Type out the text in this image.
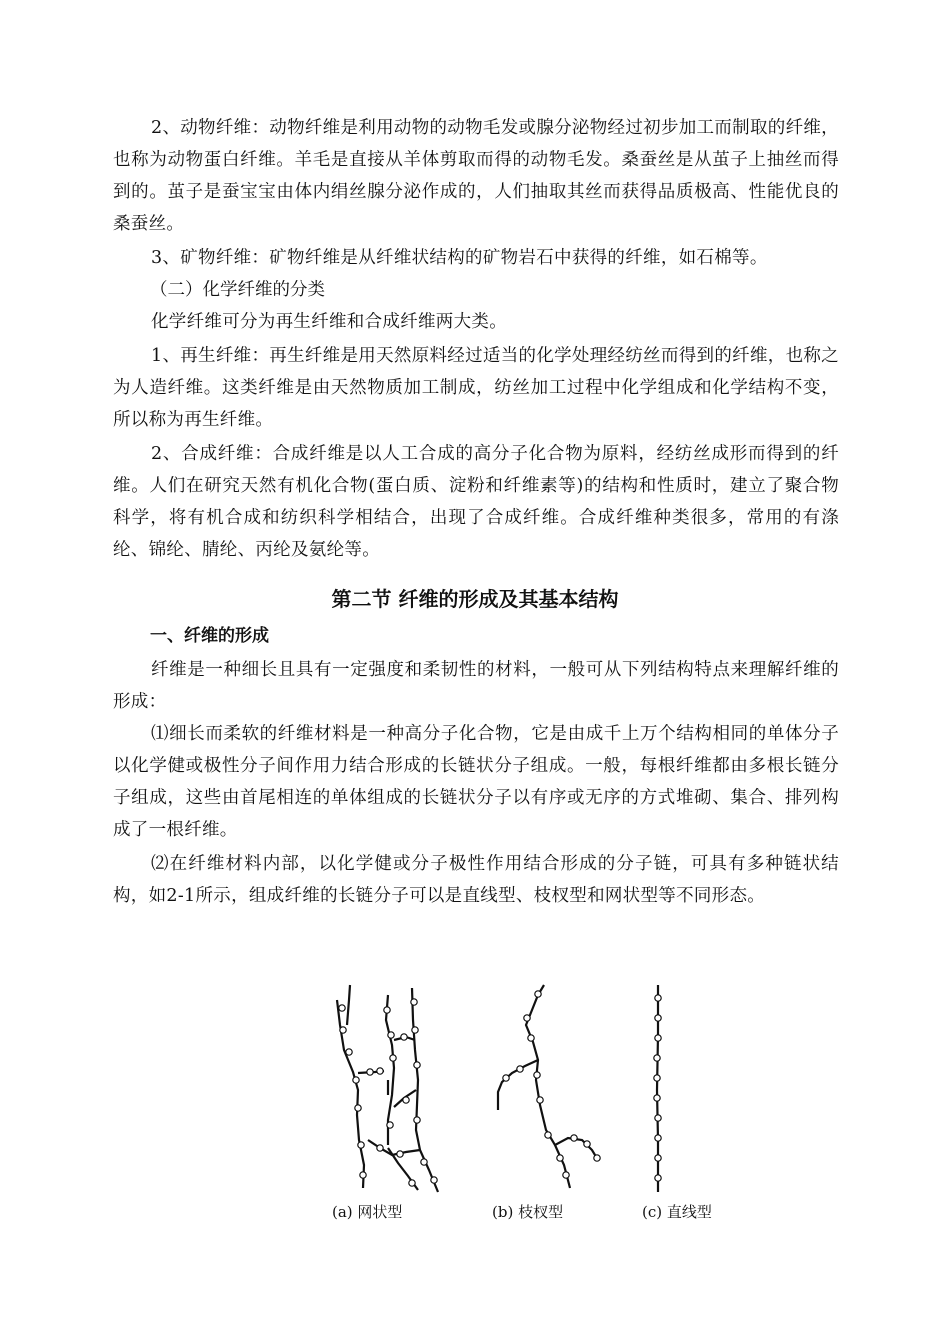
2、动物纤维：动物纤维是利用动物的动物毛发或腺分泌物经过初步加工而制取的纤维，也称为动物蛋白纤维。羊毛是直接从羊体剪取而得的动物毛发。桑蚕丝是从茧子上抽丝而得到的。茧子是蚕宝宝由体内绢丝腺分泌作成的，人们抽取其丝而获得品质极高、性能优良的桑蚕丝。

3、矿物纤维：矿物纤维是从纤维状结构的矿物岩石中获得的纤维，如石棉等。

（二）化学纤维的分类

化学纤维可分为再生纤维和合成纤维两大类。

1、再生纤维：再生纤维是用天然原料经过适当的化学处理经纺丝而得到的纤维，也称之为人造纤维。这类纤维是由天然物质加工制成，纺丝加工过程中化学组成和化学结构不变，所以称为再生纤维。

2、合成纤维：合成纤维是以人工合成的高分子化合物为原料，经纺丝成形而得到的纤维。人们在研究天然有机化合物(蛋白质、淀粉和纤维素等)的结构和性质时，建立了聚合物科学，将有机合成和纺织科学相结合，出现了合成纤维。合成纤维种类很多，常用的有涤纶、锦纶、腈纶、丙纶及氨纶等。

第二节 纤维的形成及其基本结构
一、纤维的形成

纤维是一种细长且具有一定强度和柔韧性的材料，一般可从下列结构特点来理解纤维的形成：

⑴细长而柔软的纤维材料是一种高分子化合物，它是由成千上万个结构相同的单体分子以化学健或极性分子间作用力结合形成的长链状分子组成。一般，每根纤维都由多根长链分子组成，这些由首尾相连的单体组成的长链状分子以有序或无序的方式堆砌、集合、排列构成了一根纤维。

⑵在纤维材料内部，以化学健或分子极性作用结合形成的分子链，可具有多种链状结构，如2-1所示，组成纤维的长链分子可以是直线型、枝杈型和网状型等不同形态。

(a) 网状型	(b) 枝杈型	(c) 直线型
